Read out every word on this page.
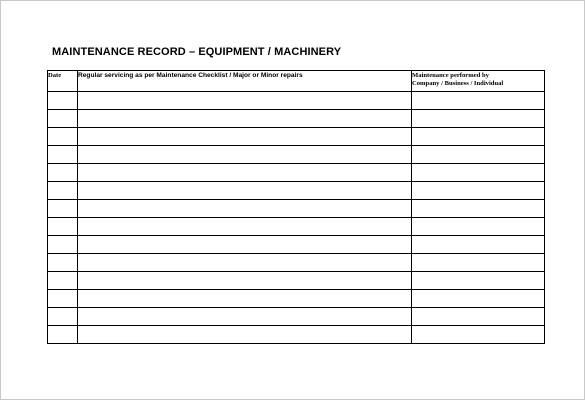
MAINTENANCE RECORD – EQUIPMENT / MACHINERY
Date	Regular servicing as per Maintenance Checklist / Major or Minor repairs	Maintenance performed by
Company / Business / Individual
